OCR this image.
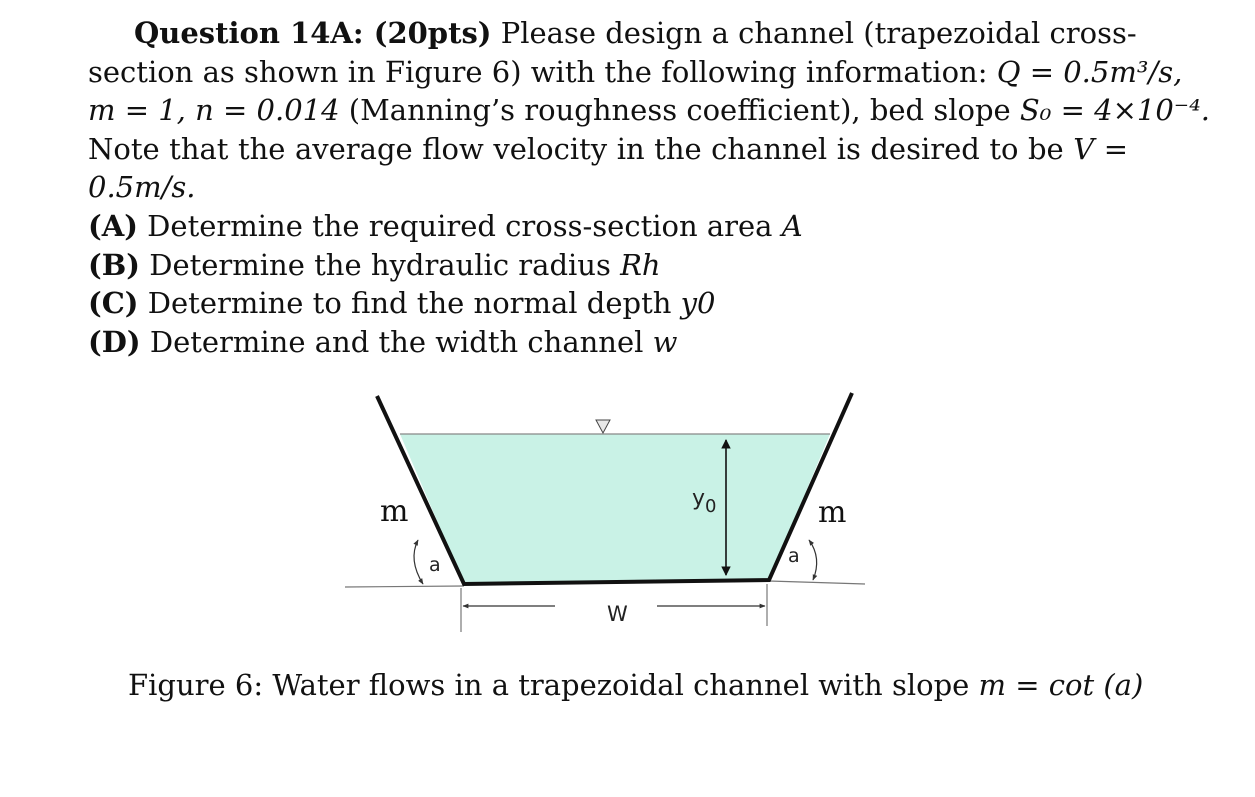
Question 14A: (20pts) Please design a channel (trapezoidal cross-
section as shown in Figure 6) with the following information: Q = 0.5m³/s,
m = 1, n = 0.014 (Manning’s roughness coefficient), bed slope S₀ = 4×10⁻⁴.
Note that the average flow velocity in the channel is desired to be V =
0.5m/s.
(A) Determine the required cross-section area A
(B) Determine the hydraulic radius Rh
(C) Determine to find the normal depth y0
(D) Determine and the width channel w
$y_0$
W
m	m
a	a
Figure 6: Water flows in a trapezoidal channel with slope m = cot (a)
